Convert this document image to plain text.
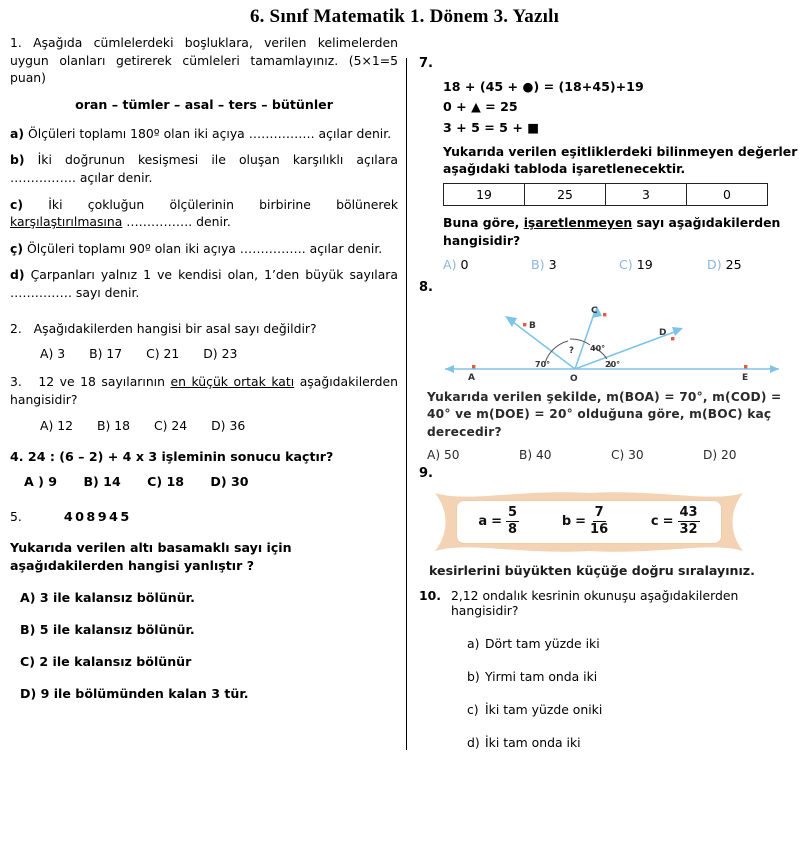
6. Sınıf Matematik 1. Dönem 3. Yazılı
1. Aşağıda cümlelerdeki boşluklara, verilen kelimelerden uygun olanları getirerek cümleleri tamamlayınız. (5×1=5 puan)
oran – tümler – asal – ters – bütünler
a) Ölçüleri toplamı 180º olan iki açıya ……………. açılar denir.
b) İki doğrunun kesişmesi ile oluşan karşılıklı açılara ……………. açılar denir.
c) İki çokluğun ölçülerinin birbirine bölünerek karşılaştırılmasına ……………. denir.
ç) Ölçüleri toplamı 90º olan iki açıya ……………. açılar denir.
d) Çarpanları yalnız 1 ve kendisi olan, 1’den büyük sayılara …………… sayı denir.
2. Aşağıdakilerden hangisi bir asal sayı değildir?
A) 3 B) 17 C) 21 D) 23
3. 12 ve 18 sayılarının en küçük ortak katı aşağıdakilerden hangisidir?
A) 12 B) 18 C) 24 D) 36
4. 24 : (6 – 2) + 4 x 3 işleminin sonucu kaçtır?
A ) 9 B) 14 C) 18 D) 30
5.	408945
Yukarıda verilen altı basamaklı sayı için aşağıdakilerden hangisi yanlıştır ?
A) 3 ile kalansız bölünür.
B) 5 ile kalansız bölünür.
C) 2 ile kalansız bölünür
D) 9 ile bölümünden kalan 3 tür.
7.
18 + (45 + ●) = (18+45)+19
0 + ▲ = 25
3 + 5 = 5 + ■
Yukarıda verilen eşitliklerdeki bilinmeyen değerler aşağıdaki tabloda işaretlenecektir.
19	25	3	0
Buna göre, işaretlenmeyen sayı aşağıdakilerden hangisidir?
A) 0	B) 3	C) 19	D) 25
8.
A
B
C
D
E
O
70°
? 40°
20°
Yukarıda verilen şekilde, m(BOA) = 70°, m(COD) = 40° ve m(DOE) = 20° olduğuna göre, m(BOC) kaç derecedir?
A) 50	B) 40	C) 30	D) 20
9.
$a = \frac{5}{8}$	$b = \frac{7}{16}$	$c = \frac{43}{32}$
kesirlerini büyükten küçüğe doğru sıralayınız.
10. 2,12 ondalık kesrinin okunuşu aşağıdakilerden hangisidir?
a) Dört tam yüzde iki
b) Yirmi tam onda iki
c) İki tam yüzde oniki
d) İki tam onda iki
